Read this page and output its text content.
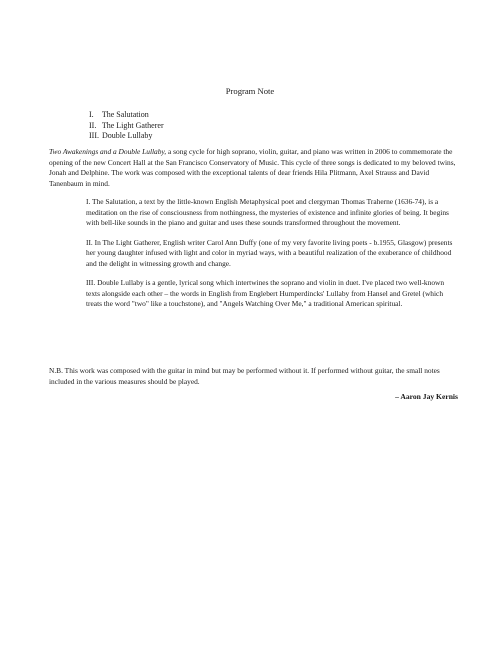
Program Note
I. The Salutation
II. The Light Gatherer
III. Double Lullaby

Two Awakenings and a Double Lullaby, a song cycle for high soprano, violin, guitar, and piano was written in 2006 to commemorate the opening of the new Concert Hall at the San Francisco Conservatory of Music. This cycle of three songs is dedicated to my beloved twins, Jonah and Delphine. The work was composed with the exceptional talents of dear friends Hila Plitmann, Axel Strauss and David Tanenbaum in mind.

I. The Salutation, a text by the little-known English Metaphysical poet and clergyman Thomas Traherne (1636-74), is a meditation on the rise of consciousness from nothingness, the mysteries of existence and infinite glories of being. It begins with bell-like sounds in the piano and guitar and uses these sounds transformed throughout the movement.

II. In The Light Gatherer, English writer Carol Ann Duffy (one of my very favorite living poets - b.1955, Glasgow) presents her young daughter infused with light and color in myriad ways, with a beautiful realization of the exuberance of childhood and the delight in witnessing growth and change.

III. Double Lullaby is a gentle, lyrical song which intertwines the soprano and violin in duet. I've placed two well-known texts alongside each other – the words in English from Englebert Humperdincks' Lullaby from Hansel and Gretel (which treats the word "two" like a touchstone), and "Angels Watching Over Me," a traditional American spiritual.

N.B. This work was composed with the guitar in mind but may be performed without it. If performed without guitar, the small notes included in the various measures should be played.

– Aaron Jay Kernis
